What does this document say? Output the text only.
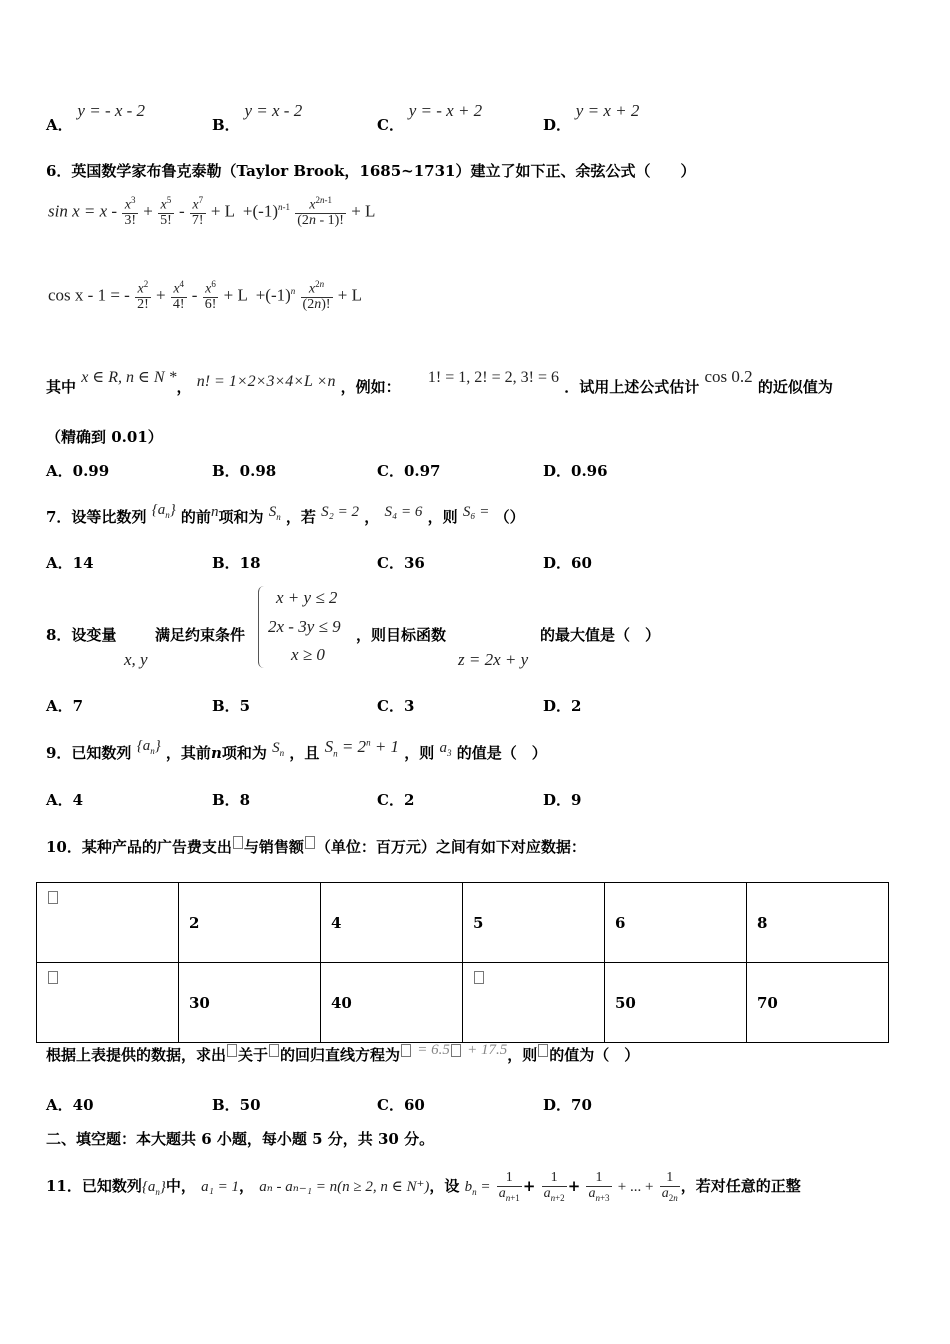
A． y = - x - 2
B． y = x - 2
C． y = - x + 2
D． y = x + 2
6．英国数学家布鲁克泰勒（Taylor Brook，1685~1731）建立了如下正、余弦公式（　　）
$\sin x = x - \frac{x^3}{3!} + \frac{x^5}{5!} - \frac{x^7}{7!} + L +(-1)^{n-1} \frac{x^{2n-1}}{(2n - 1)!} + L$
cos x - 1 = - $\frac{x^2}{2!} + \frac{x^4}{4!} - \frac{x^6}{6!} + L +(-1)^n \frac{x^{2n}}{(2n)!} + L$
其中 x ∈ R, n ∈ N *， n! = 1×2×3×4×L ×n ，例如： 1! = 1, 2! = 2, 3! = 6 ．试用上述公式估计 cos 0.2 的近似值为
（精确到 0.01）
A．0.99	B．0.98	C．0.97	D．0.96
7．设等比数列 $\{a_n\}$ 的前n项和为 $S_n$ ，若 S₂ = 2 ， S₄ = 6 ，则 S₆ = （）
A．14	B．18	C．36	D．60
8．设变量
x, y
满足约束条件
x + y ≤ 2
2x - 3y ≤ 9
x ≥ 0
，则目标函数
z = 2x + y
的最大值是（　）
A．7	B．5	C．3	D．2
9．已知数列 $\{a_n\}$ ，其前n项和为 $S_n$ ，且 $S_n = 2^n + 1$ ，则 $a_3$ 的值是（　）
A．4	B．8	C．2	D．9
10．某种产品的广告费支出 与销售额 （单位：百万元）之间有如下对应数据：
	2	4	5	6	8
	30	40		50	70
根据上表提供的数据，求出 关于 的回归直线方程为 = 6.5 + 17.5，则 的值为（　）
A．40	B．50	C．60	D．70
二、填空题：本大题共 6 小题，每小题 5 分，共 30 分。
11．已知数列$\{a_n\}$中， a₁ = 1， aₙ - aₙ₋₁ = n(n ≥ 2, n ∈ N⁺)，设 $b_n = \frac{1}{a_{n+1}} + \frac{1}{a_{n+2}} + \frac{1}{a_{n+3}}$ + ... + $\frac{1}{a_{2n}}$ ，若对任意的正整
